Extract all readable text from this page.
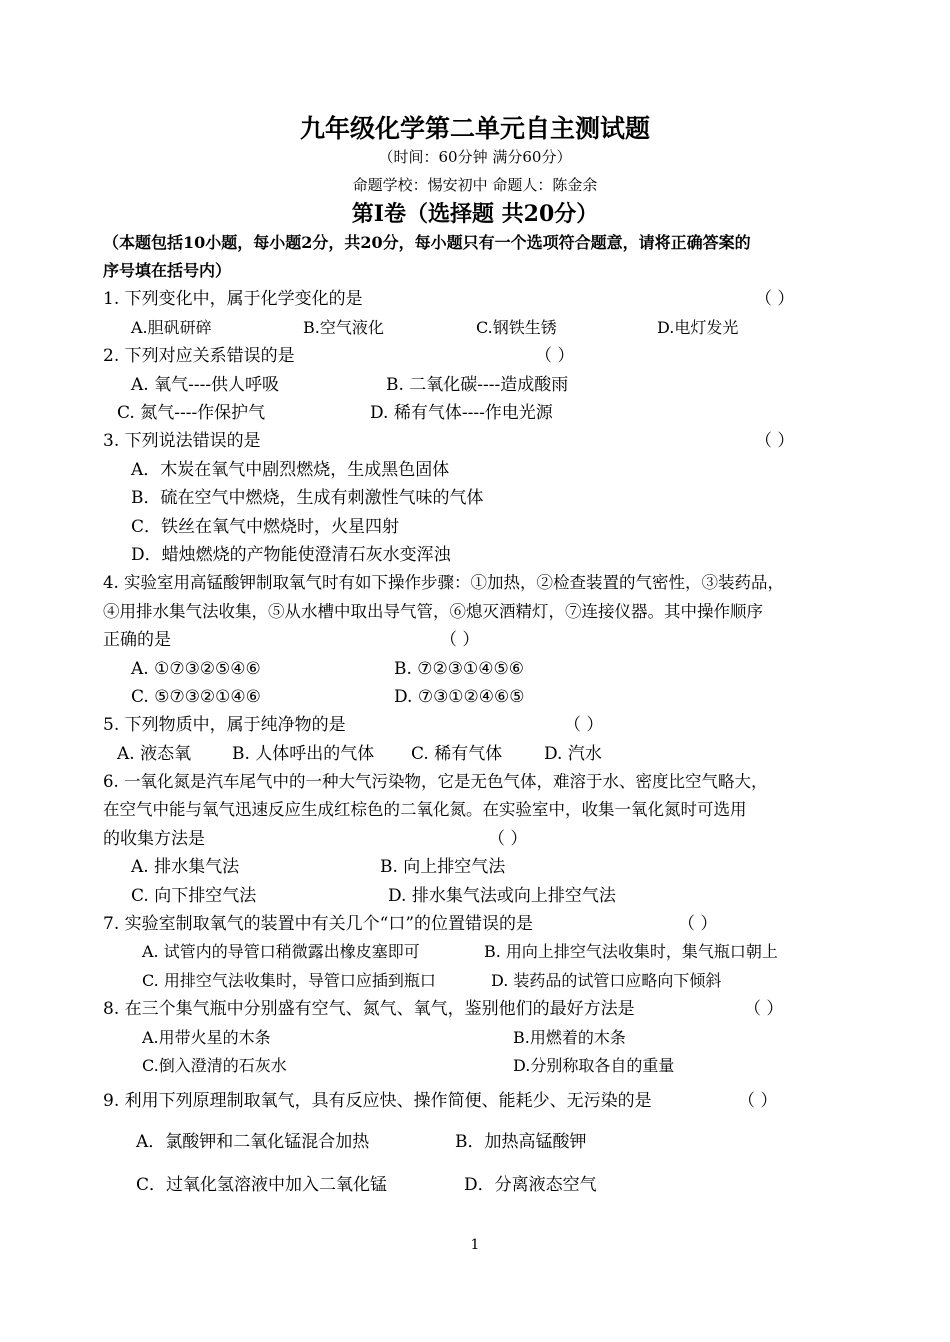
九年级化学第二单元自主测试题
（时间：60分钟 满分60分）
命题学校：惕安初中 命题人：陈金余
第Ⅰ卷（选择题 共20分）
（本题包括10小题，每小题2分，共20分，每小题只有一个选项符合题意，请将正确答案的
序号填在括号内）
1. 下列变化中，属于化学变化的是	（ ）
A.胆矾研碎	B.空气液化	C.钢铁生锈	D.电灯发光
2. 下列对应关系错误的是	（ ）
A. 氧气----供人呼吸	B. 二氧化碳----造成酸雨
C. 氮气----作保护气	D. 稀有气体----作电光源
3. 下列说法错误的是	（ ）
A．木炭在氧气中剧烈燃烧，生成黑色固体
B．硫在空气中燃烧，生成有刺激性气味的气体
C．铁丝在氧气中燃烧时，火星四射
D．蜡烛燃烧的产物能使澄清石灰水变浑浊
4. 实验室用高锰酸钾制取氧气时有如下操作步骤：①加热，②检查装置的气密性，③装药品，
④用排水集气法收集，⑤从水槽中取出导气管，⑥熄灭酒精灯，⑦连接仪器。其中操作顺序
正确的是	（ ）
A. ①⑦③②⑤④⑥	B. ⑦②③①④⑤⑥
C. ⑤⑦③②①④⑥	D. ⑦③①②④⑥⑤
5. 下列物质中，属于纯净物的是	（ ）
A. 液态氧 B. 人体呼出的气体 C. 稀有气体 D. 汽水
6. 一氧化氮是汽车尾气中的一种大气污染物，它是无色气体，难溶于水、密度比空气略大，
在空气中能与氧气迅速反应生成红棕色的二氧化氮。在实验室中，收集一氧化氮时可选用
的收集方法是	（ ）
A. 排水集气法	B. 向上排空气法
C. 向下排空气法	D. 排水集气法或向上排空气法
7. 实验室制取氧气的装置中有关几个“口”的位置错误的是	（ ）
A. 试管内的导管口稍微露出橡皮塞即可	B. 用向上排空气法收集时，集气瓶口朝上
C. 用排空气法收集时，导管口应插到瓶口	D. 装药品的试管口应略向下倾斜
8. 在三个集气瓶中分别盛有空气、氮气、氧气，鉴别他们的最好方法是	（ ）
A.用带火星的木条	B.用燃着的木条
C.倒入澄清的石灰水	D.分别称取各自的重量
9. 利用下列原理制取氧气，具有反应快、操作简便、能耗少、无污染的是	（ ）
A．氯酸钾和二氧化锰混合加热	B．加热高锰酸钾
C．过氧化氢溶液中加入二氧化锰	D．分离液态空气
1
